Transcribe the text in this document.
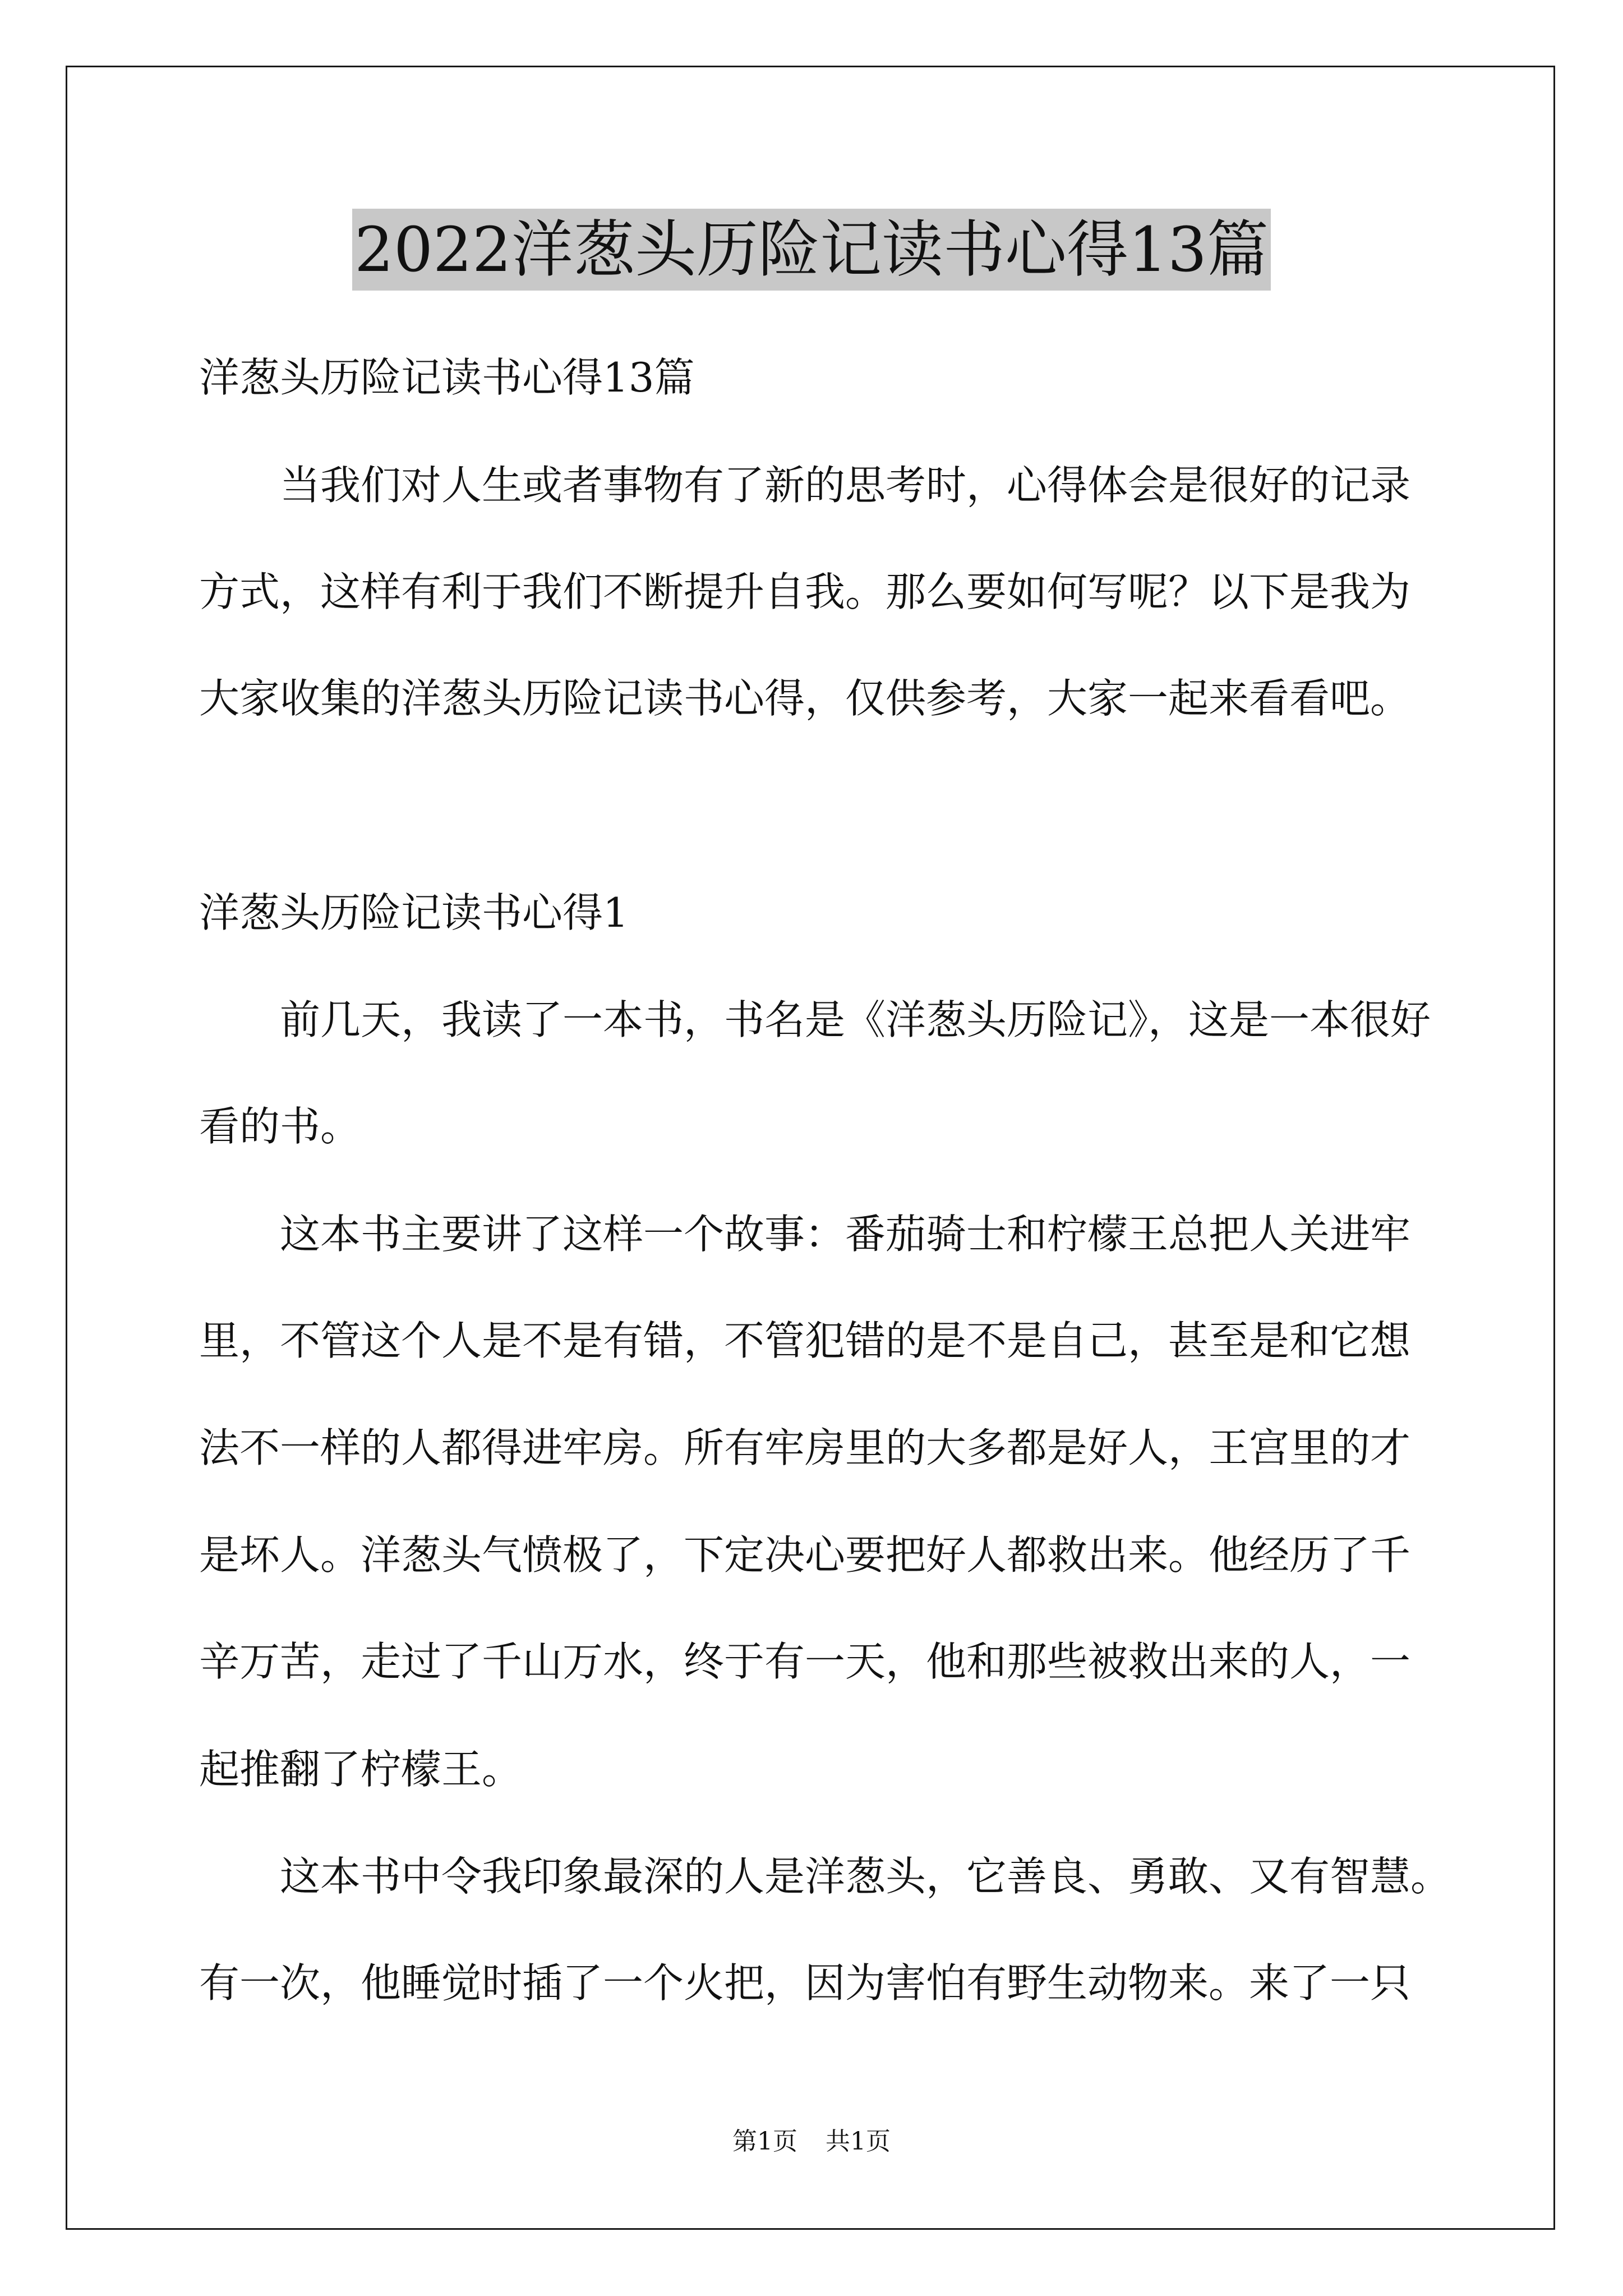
2022洋葱头历险记读书心得13篇
洋葱头历险记读书心得13篇
当我们对人生或者事物有了新的思考时，心得体会是很好的记录
方式，这样有利于我们不断提升自我。那么要如何写呢？以下是我为
大家收集的洋葱头历险记读书心得，仅供参考，大家一起来看看吧。
洋葱头历险记读书心得1
前几天，我读了一本书，书名是《洋葱头历险记》，这是一本很好
看的书。
这本书主要讲了这样一个故事：番茄骑士和柠檬王总把人关进牢
里，不管这个人是不是有错，不管犯错的是不是自己，甚至是和它想
法不一样的人都得进牢房。所有牢房里的大多都是好人，王宫里的才
是坏人。洋葱头气愤极了，下定决心要把好人都救出来。他经历了千
辛万苦，走过了千山万水，终于有一天，他和那些被救出来的人，一
起推翻了柠檬王。
这本书中令我印象最深的人是洋葱头，它善良、勇敢、又有智慧。
有一次，他睡觉时插了一个火把，因为害怕有野生动物来。来了一只
第1页 共1页
